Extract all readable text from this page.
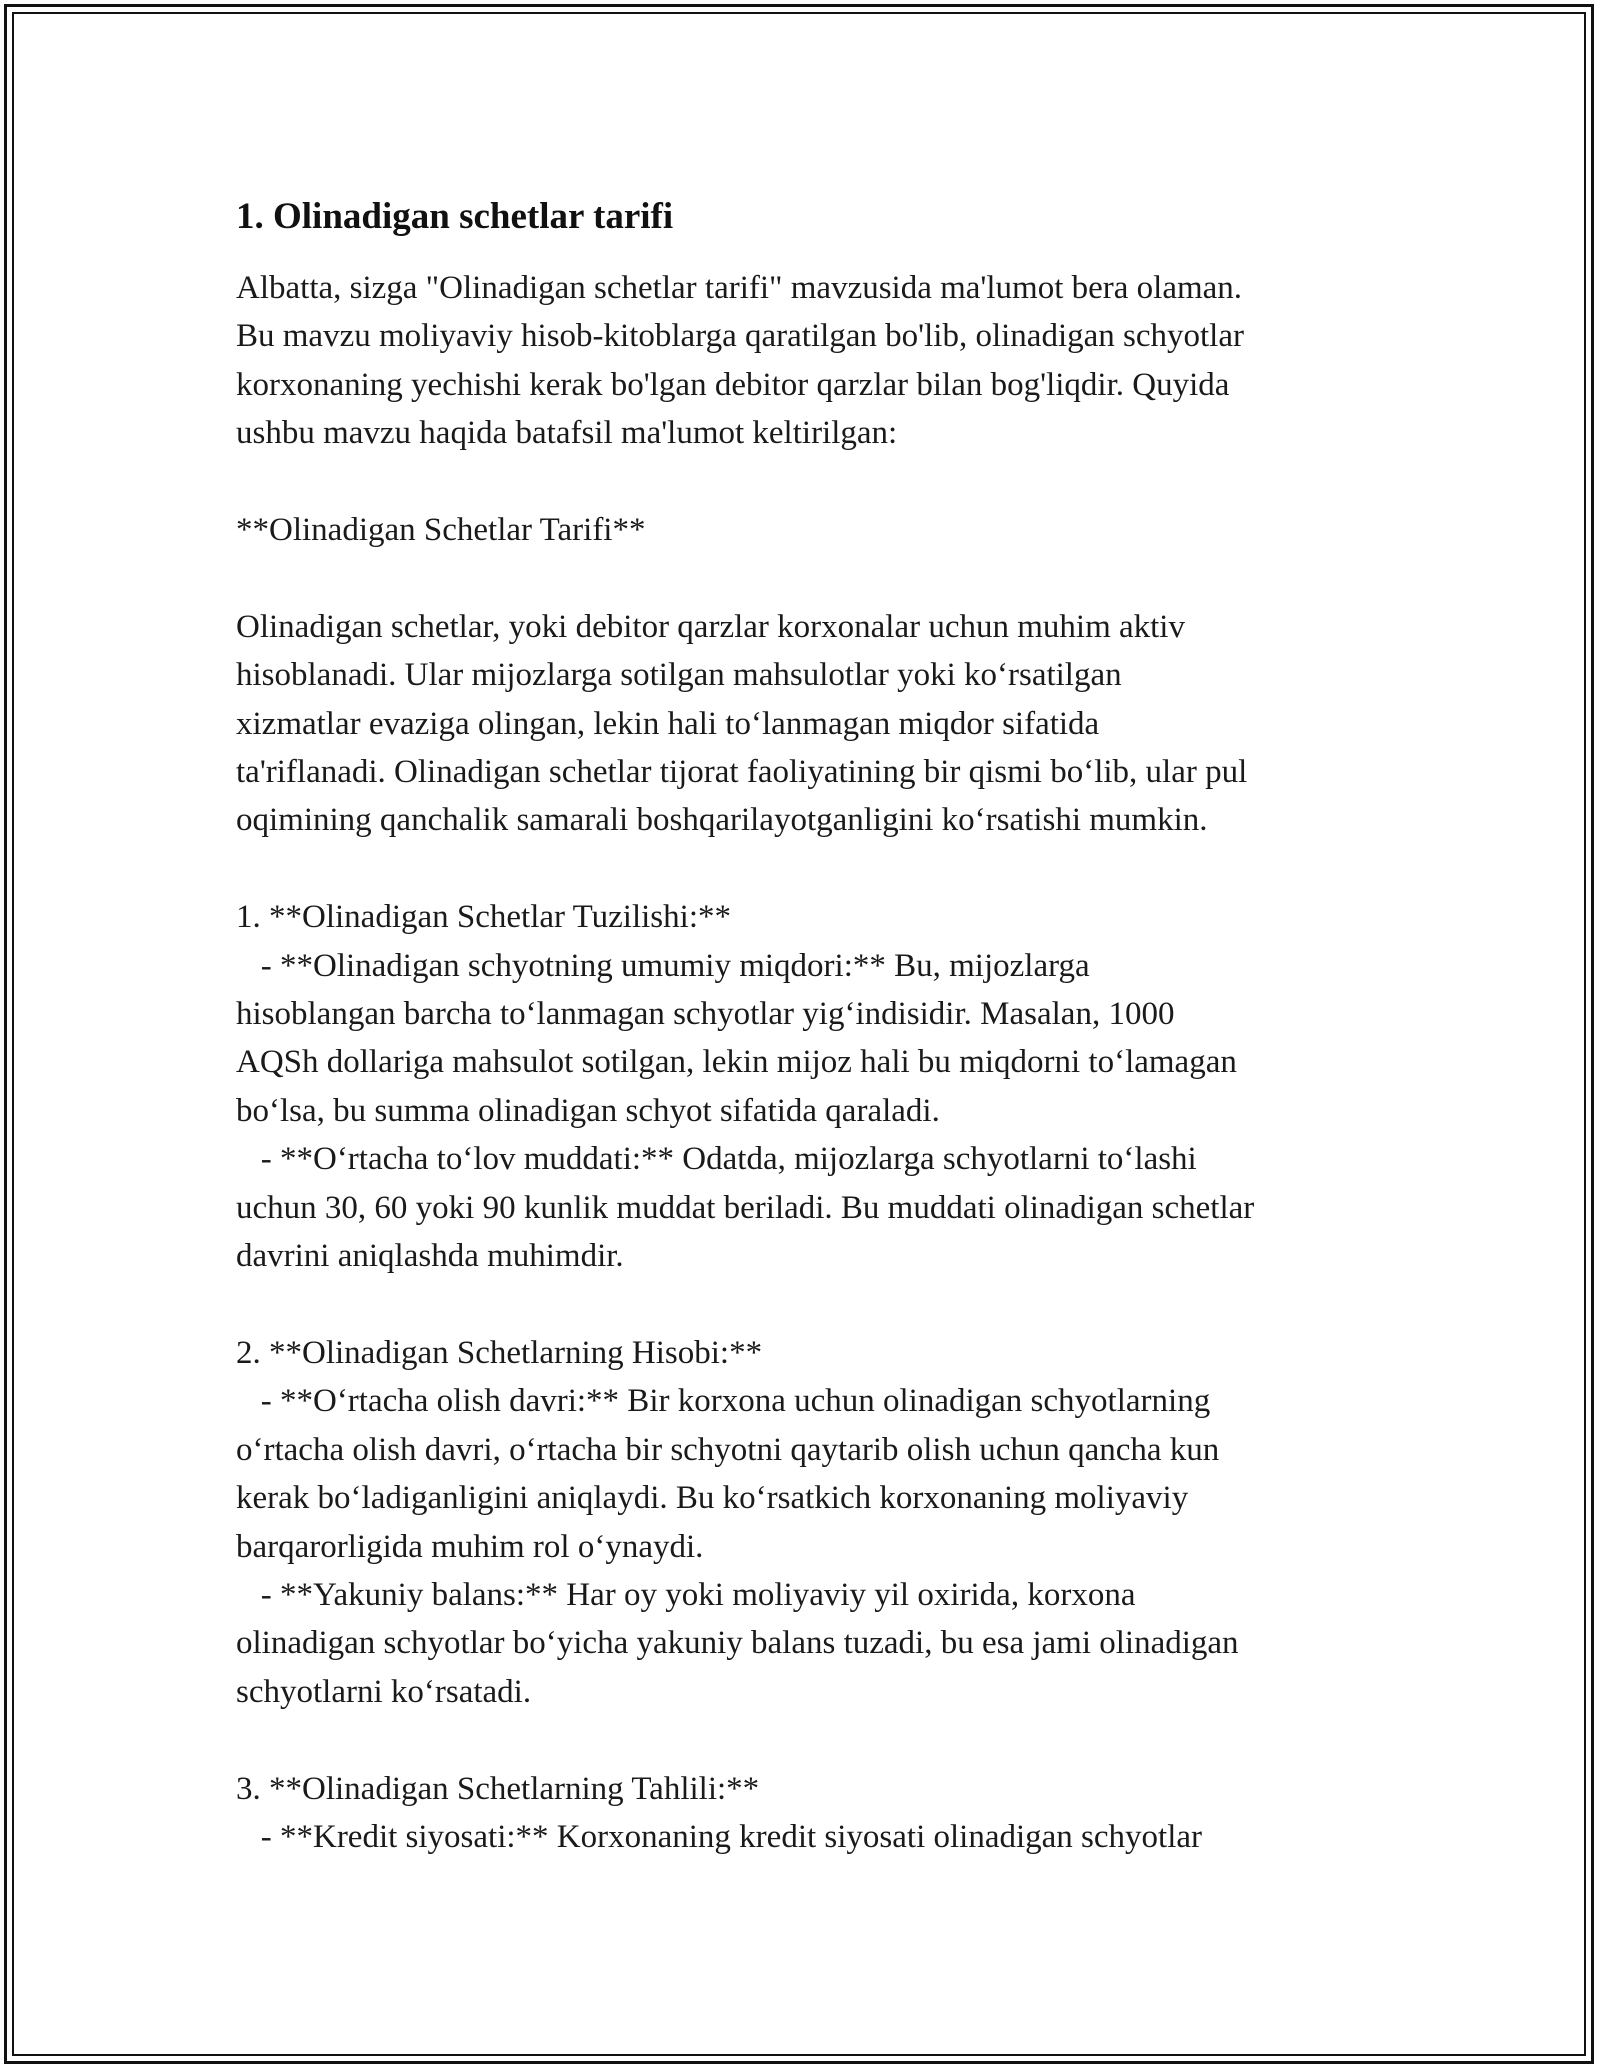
1. Olinadigan schetlar tarifi
Albatta, sizga "Olinadigan schetlar tarifi" mavzusida ma'lumot bera olaman.
Bu mavzu moliyaviy hisob-kitoblarga qaratilgan bo'lib, olinadigan schyotlar
korxonaning yechishi kerak bo'lgan debitor qarzlar bilan bog'liqdir. Quyida
ushbu mavzu haqida batafsil ma'lumot keltirilgan:
**Olinadigan Schetlar Tarifi**
Olinadigan schetlar, yoki debitor qarzlar korxonalar uchun muhim aktiv
hisoblanadi. Ular mijozlarga sotilgan mahsulotlar yoki ko‘rsatilgan
xizmatlar evaziga olingan, lekin hali to‘lanmagan miqdor sifatida
ta'riflanadi. Olinadigan schetlar tijorat faoliyatining bir qismi bo‘lib, ular pul
oqimining qanchalik samarali boshqarilayotganligini ko‘rsatishi mumkin.
1. **Olinadigan Schetlar Tuzilishi:**
- **Olinadigan schyotning umumiy miqdori:** Bu, mijozlarga
hisoblangan barcha to‘lanmagan schyotlar yig‘indisidir. Masalan, 1000
AQSh dollariga mahsulot sotilgan, lekin mijoz hali bu miqdorni to‘lamagan
bo‘lsa, bu summa olinadigan schyot sifatida qaraladi.
- **O‘rtacha to‘lov muddati:** Odatda, mijozlarga schyotlarni to‘lashi
uchun 30, 60 yoki 90 kunlik muddat beriladi. Bu muddati olinadigan schetlar
davrini aniqlashda muhimdir.
2. **Olinadigan Schetlarning Hisobi:**
- **O‘rtacha olish davri:** Bir korxona uchun olinadigan schyotlarning
o‘rtacha olish davri, o‘rtacha bir schyotni qaytarib olish uchun qancha kun
kerak bo‘ladiganligini aniqlaydi. Bu ko‘rsatkich korxonaning moliyaviy
barqarorligida muhim rol o‘ynaydi.
- **Yakuniy balans:** Har oy yoki moliyaviy yil oxirida, korxona
olinadigan schyotlar bo‘yicha yakuniy balans tuzadi, bu esa jami olinadigan
schyotlarni ko‘rsatadi.
3. **Olinadigan Schetlarning Tahlili:**
- **Kredit siyosati:** Korxonaning kredit siyosati olinadigan schyotlar
